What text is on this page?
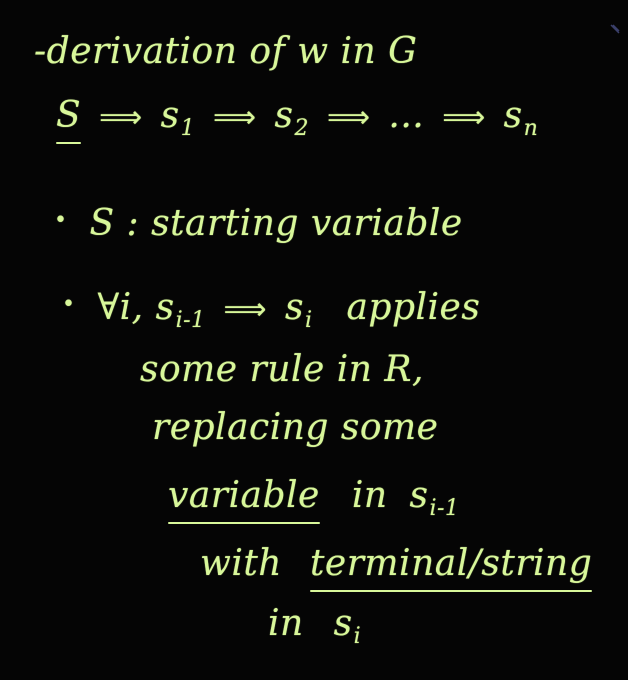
-derivation of w in G
S ⟹ $s_1$ ⟹ $s_2$ ⟹ ... ⟹ $s_n$
• S : starting variable
• ∀i, $s_{i-1}$ ⟹ $s_i$ applies
some rule in R,
replacing some
variable in $s_{i-1}$
with terminal/string
in $s_i$
